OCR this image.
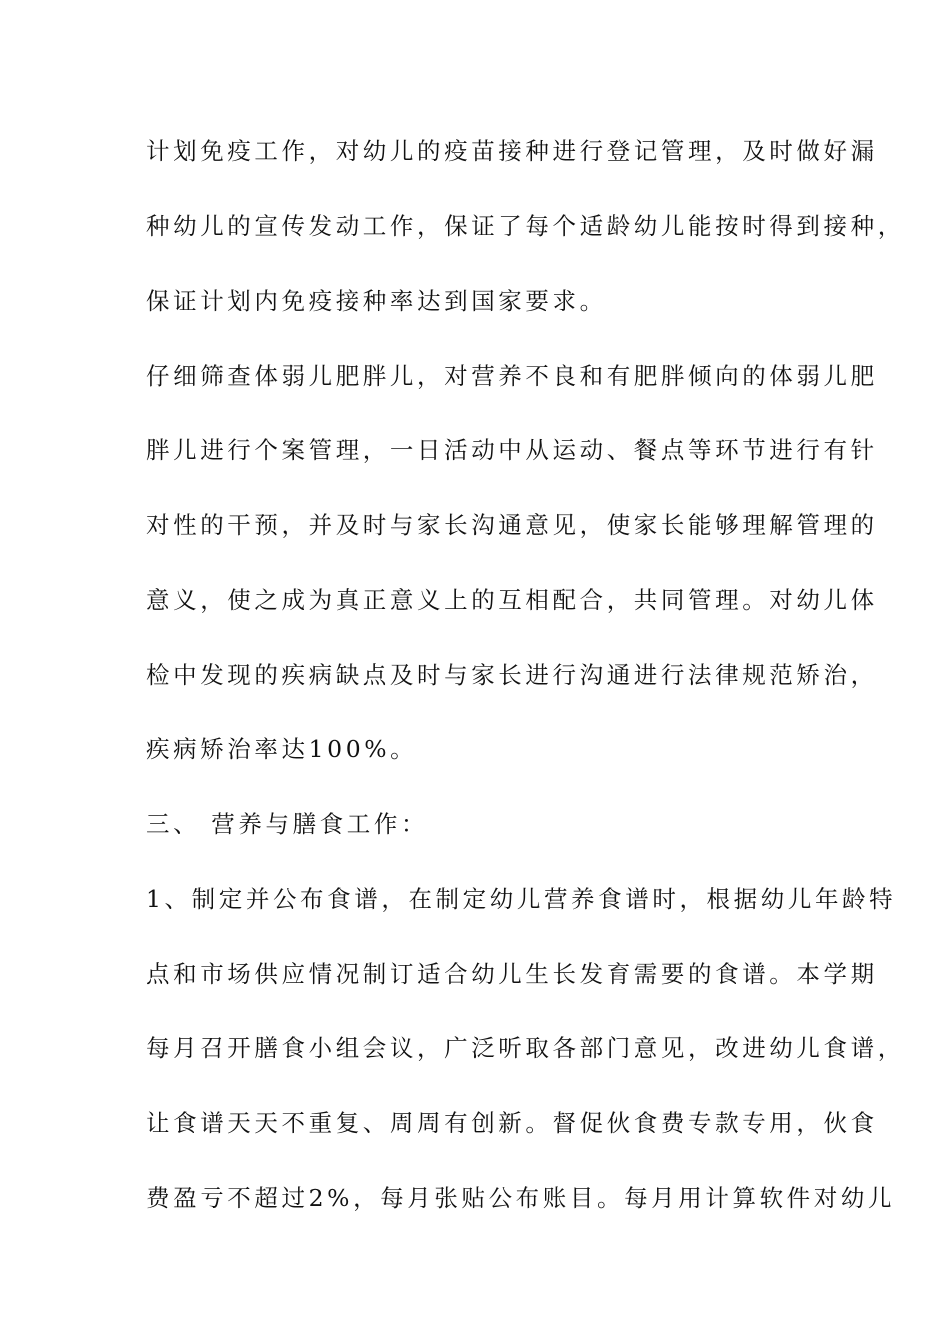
计划免疫工作，对幼儿的疫苗接种进行登记管理，及时做好漏
种幼儿的宣传发动工作，保证了每个适龄幼儿能按时得到接种，
保证计划内免疫接种率达到国家要求。
仔细筛查体弱儿肥胖儿，对营养不良和有肥胖倾向的体弱儿肥
胖儿进行个案管理，一日活动中从运动、餐点等环节进行有针
对性的干预，并及时与家长沟通意见，使家长能够理解管理的
意义，使之成为真正意义上的互相配合，共同管理。对幼儿体
检中发现的疾病缺点及时与家长进行沟通进行法律规范矫治，
疾病矫治率达100%。
三、 营养与膳食工作：
1、制定并公布食谱，在制定幼儿营养食谱时，根据幼儿年龄特
点和市场供应情况制订适合幼儿生长发育需要的食谱。本学期
每月召开膳食小组会议，广泛听取各部门意见，改进幼儿食谱，
让食谱天天不重复、周周有创新。督促伙食费专款专用，伙食
费盈亏不超过2%，每月张贴公布账目。每月用计算软件对幼儿
